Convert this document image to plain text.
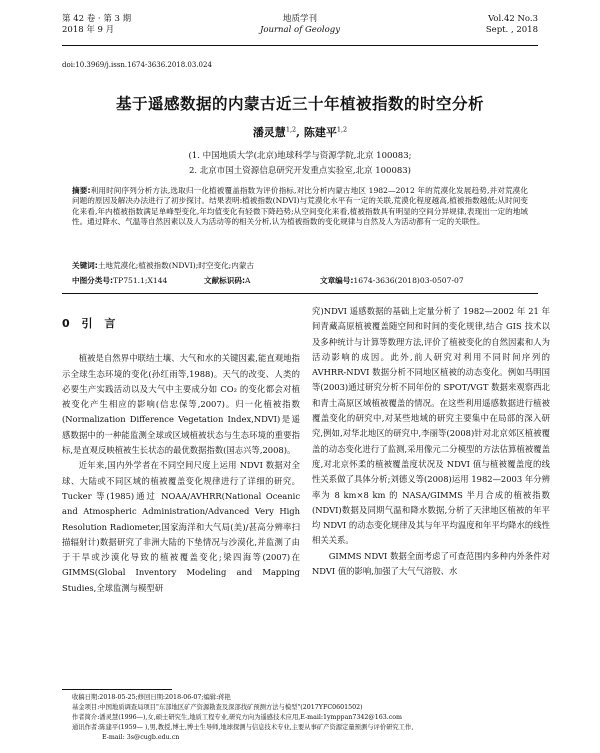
第 42 卷 · 第 3 期
2018 年 9 月
地质学刊
Journal of Geology
Vol.42 No.3
Sept. , 2018
doi:10.3969/j.issn.1674-3636.2018.03.024
基于遥感数据的内蒙古近三十年植被指数的时空分析
潘灵慧$^{1,2}$, 陈建平$^{1,2}$
(1. 中国地质大学(北京)地球科学与资源学院,北京 100083;
2. 北京市国土资源信息研究开发重点实验室,北京 100083)
摘要:利用时间序列分析方法,选取归一化植被覆盖指数为评价指标,对比分析内蒙古地区 1982—2012 年的荒漠化发展趋势,并对荒漠化问题的原因及解决办法进行了初步探讨。结果表明:植被指数(NDVI)与荒漠化水平有一定的关联,荒漠化程度越高,植被指数越低;从时间变化来看,年内植被指数满足单峰型变化,年均值变化有轻微下降趋势;从空间变化来看,植被指数具有明显的空间分异规律,表现出一定的地域性。通过降水、气温等自然因素以及人为活动等的相关分析,认为植被指数的变化规律与自然及人为活动都有一定的关联性。
关键词:土地荒漠化;植被指数(NDVI);时空变化;内蒙古
中图分类号:TP751.1;X144	文献标识码:A	文章编号:1674-3636(2018)03-0507-07
0 引 言

植被是自然界中联结土壤、大气和水的关键因素,能直观地指示全球生态环境的变化(孙红雨等,1988)。天气的改变、人类的必要生产实践活动以及大气中主要成分如 CO₂ 的变化都会对植被变化产生相应的影响(信忠保等,2007)。归一化植被指数(Normalization Difference Vegetation Index,NDVI)是遥感数据中的一种能监测全球或区域植被状态与生态环境的重要指标,是直观反映植被生长状态的最优数据指数(国志兴等,2008)。

近年来,国内外学者在不同空间尺度上运用 NDVI 数据对全球、大陆或不同区域的植被覆盖变化规律进行了详细的研究。Tucker 等(1985)通过 NOAA/AVHRR(National Oceanic and Atmospheric Administration/Advanced Very High Resolution Radiometer,国家海洋和大气局(美)/甚高分辨率扫描辐射计)数据研究了非洲大陆的下垫情况与沙漠化,并监测了由于干旱或沙漠化导致的植被覆盖变化;梁四海等(2007)在 GIMMS(Global Inventory Modeling and Mapping Studies,全球监测与模型研

究)NDVI 遥感数据的基础上定量分析了 1982—2002 年 21 年间青藏高原植被覆盖随空间和时间的变化规律,结合 GIS 技术以及多种统计与计算等数理方法,评价了植被变化的自然因素和人为活动影响的成因。此外,前人研究对利用不同时间序列的 AVHRR-NDVI 数据分析不同地区植被的动态变化。例如马明国等(2003)通过研究分析不同年份的 SPOT/VGT 数据来观察西北和青土高原区域植被覆盖的情况。在这些利用遥感数据进行植被覆盖变化的研究中,对某些地域的研究主要集中在局部的深入研究,例如,对华北地区的研究中,李丽等(2008)针对北京郊区植被覆盖的动态变化进行了监测,采用像元二分模型的方法估算植被覆盖度,对北京怀柔的植被覆盖度状况及 NDVI 值与植被覆盖度的线性关系做了具体分析;刘德义等(2008)运用 1982—2003 年分辨率为 8 km×8 km 的 NASA/GIMMS 半月合成的植被指数(NDVI)数据及同期气温和降水数据,分析了天津地区植被的年平均 NDVI 的动态变化规律及其与年平均温度和年平均降水的线性相关关系。

GIMMS NDVI 数据全面考虑了可查范围内多种内外条件对 NDVI 值的影响,加强了大气气溶胶、水

收稿日期:2018-05-25;修回日期:2018-06-07;编辑:蒋艳
基金项目:中国地质调查局项目"东部地区矿产资源勘查及深部找矿预测方法与模型"(2017YFC0601502)
作者简介:潘灵慧(1996—),女,硕士研究生,地质工程专业,研究方向为遥感技术应用,E-mail:1ymppan7342@163.com
通讯作者:陈建平(1959— ),男,教授,博士,博士生导师,地球探测与信息技术专业,主要从事矿产资源定量预测与评价研究工作,
E-mail: 3s@cugb.edu.cn
